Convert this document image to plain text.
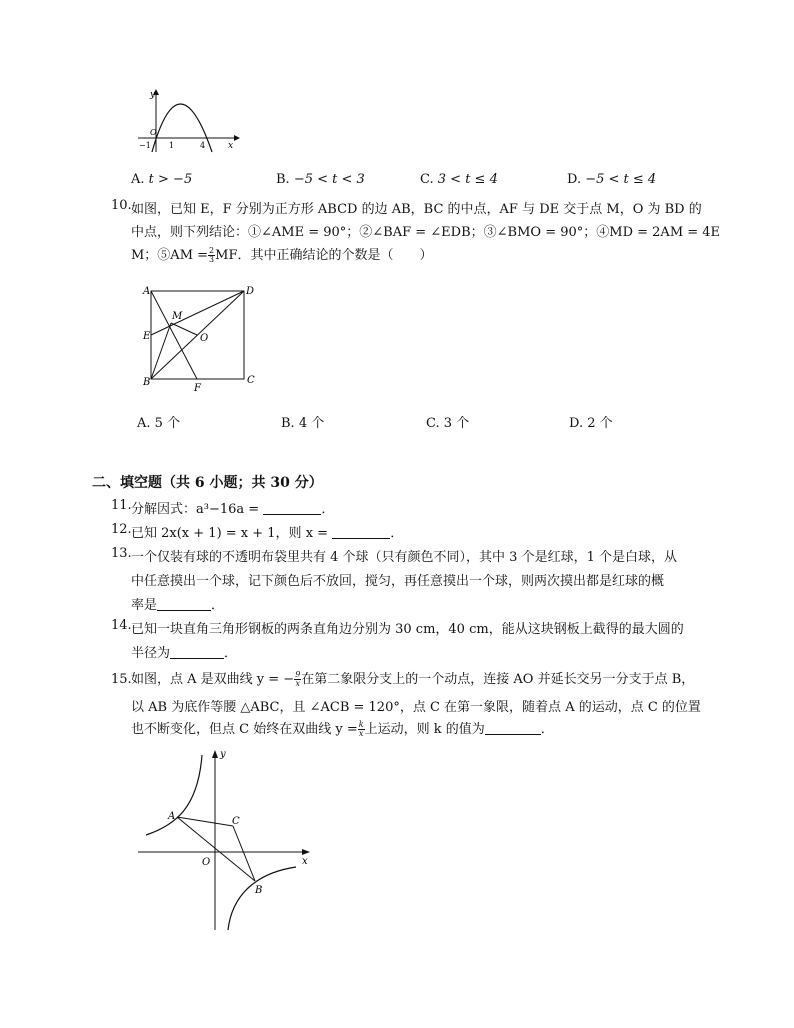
y
x
O
−1 1	4
A. t > −5	B. −5 < t < 3	C. 3 < t ≤ 4	D. −5 < t ≤ 4
10. 如图，已知 E，F 分别为正方形 ABCD 的边 AB，BC 的中点，AF 与 DE 交于点 M，O 为 BD 的
中点，则下列结论：①∠AME = 90°；②∠BAF = ∠EDB；③∠BMO = 90°；④MD = 2AM = 4E
M；⑤AM = $\frac{2}{3}$ MF．其中正确结论的个数是（　　）
A	D
E
M
O
B
F
C
A. 5 个	B. 4 个	C. 3 个	D. 2 个
二、填空题（共 6 小题；共 30 分）
11. 分解因式：a³−16a =	．
12. 已知 2x(x + 1) = x + 1，则 x =	．
13. 一个仅装有球的不透明布袋里共有 4 个球（只有颜色不同），其中 3 个是红球，1 个是白球，从
中任意摸出一个球，记下颜色后不放回，搅匀，再任意摸出一个球，则两次摸出都是红球的概
率是	．
14. 已知一块直角三角形钢板的两条直角边分别为 30 cm，40 cm，能从这块钢板上截得的最大圆的
半径为	．
15. 如图，点 A 是双曲线 y = − $\frac{9}{x}$ 在第二象限分支上的一个动点，连接 AO 并延长交另一分支于点 B，
以 AB 为底作等腰 △ABC，且 ∠ACB = 120°，点 C 在第一象限，随着点 A 的运动，点 C 的位置
也不断变化，但点 C 始终在双曲线 $y = \frac{k}{x}$ 上运动，则 k 的值为	．
y
x
O
A	C
B
